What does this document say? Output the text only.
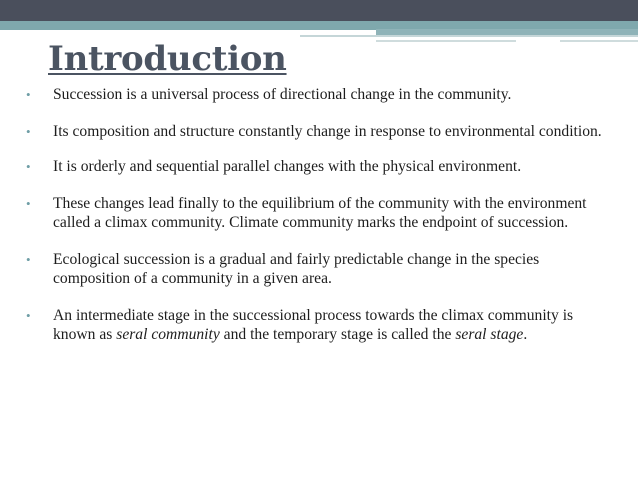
Introduction
• Succession is a universal process of directional change in the community.
• Its composition and structure constantly change in response to environmental condition.
• It is orderly and sequential parallel changes with the physical environment.
• These changes lead finally to the equilibrium of the community with the environment called a climax community. Climate community marks the endpoint of succession.
• Ecological succession is a gradual and fairly predictable change in the species composition of a community in a given area.
• An intermediate stage in the successional process towards the climax community is known as seral community and the temporary stage is called the seral stage.
